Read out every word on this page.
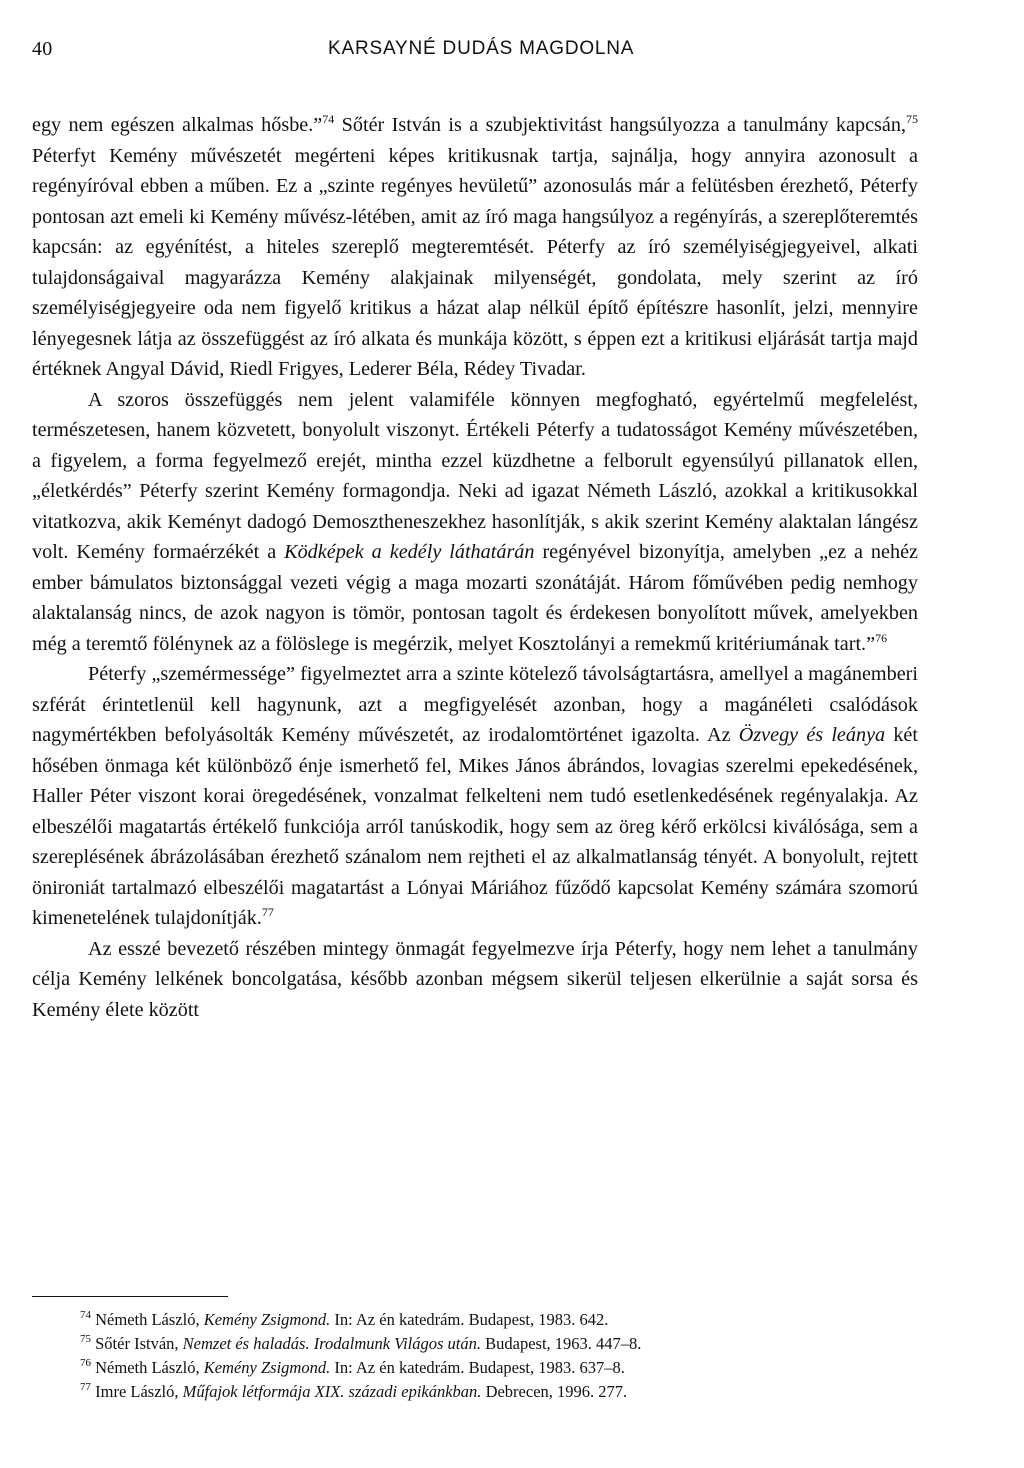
40	KARSAYNÉ DUDÁS MAGDOLNA

egy nem egészen alkalmas hősbe.”$^{74}$ Sőtér István is a szubjektivitást hangsúlyozza a tanulmány kapcsán,$^{75}$ Péterfyt Kemény művészetét megérteni képes kritikusnak tartja, sajnálja, hogy annyira azonosult a regényíróval ebben a műben. Ez a „szinte regényes hevületű” azonosulás már a felütésben érezhető, Péterfy pontosan azt emeli ki Kemény művész-létében, amit az író maga hangsúlyoz a regényírás, a szereplőteremtés kapcsán: az egyénítést, a hiteles szereplő megteremtését. Péterfy az író személyiségjegyeivel, alkati tulajdonságaival magyarázza Kemény alakjainak milyenségét, gondolata, mely szerint az író személyiségjegyeire oda nem figyelő kritikus a házat alap nélkül építő építészre hasonlít, jelzi, mennyire lényegesnek látja az összefüggést az író alkata és munkája között, s éppen ezt a kritikusi eljárását tartja majd értéknek Angyal Dávid, Riedl Frigyes, Lederer Béla, Rédey Tivadar.

A szoros összefüggés nem jelent valamiféle könnyen megfogható, egyértelmű megfelelést, természetesen, hanem közvetett, bonyolult viszonyt. Értékeli Péterfy a tudatosságot Kemény művészetében, a figyelem, a forma fegyelmező erejét, mintha ezzel küzdhetne a felborult egyensúlyú pillanatok ellen, „életkérdés” Péterfy szerint Kemény formagondja. Neki ad igazat Németh László, azokkal a kritikusokkal vitatkozva, akik Keményt dadogó Demosztheneszekhez hasonlítják, s akik szerint Kemény alaktalan lángész volt. Kemény formaérzékét a Ködképek a kedély láthatárán regényével bizonyítja, amelyben „ez a nehéz ember bámulatos biztonsággal vezeti végig a maga mozarti szonátáját. Három főművében pedig nemhogy alaktalanság nincs, de azok nagyon is tömör, pontosan tagolt és érdekesen bonyolított művek, amelyekben még a teremtő fölénynek az a fölöslege is megérzik, melyet Kosztolányi a remekmű kritériumának tart.”$^{76}$

Péterfy „szemérmessége” figyelmeztet arra a szinte kötelező távolságtartásra, amellyel a magánemberi szférát érintetlenül kell hagynunk, azt a megfigyelését azonban, hogy a magánéleti csalódások nagymértékben befolyásolták Kemény művészetét, az irodalomtörténet igazolta. Az Özvegy és leánya két hősében önmaga két különböző énje ismerhető fel, Mikes János ábrándos, lovagias szerelmi epekedésének, Haller Péter viszont korai öregedésének, vonzalmat felkelteni nem tudó esetlenkedésének regényalakja. Az elbeszélői magatartás értékelő funkciója arról tanúskodik, hogy sem az öreg kérő erkölcsi kiválósága, sem a szereplésének ábrázolásában érezhető szánalom nem rejtheti el az alkalmatlanság tényét. A bonyolult, rejtett önironiát tartalmazó elbeszélői magatartást a Lónyai Máriához fűződő kapcsolat Kemény számára szomorú kimenetelének tulajdonítják.$^{77}$

Az esszé bevezető részében mintegy önmagát fegyelmezve írja Péterfy, hogy nem lehet a tanulmány célja Kemény lelkének boncolgatása, később azonban mégsem sikerül teljesen elkerülnie a saját sorsa és Kemény élete között

$^{74}$ Németh László, Kemény Zsigmond. In: Az én katedrám. Budapest, 1983. 642.
$^{75}$ Sőtér István, Nemzet és haladás. Irodalmunk Világos után. Budapest, 1963. 447–8.
$^{76}$ Németh László, Kemény Zsigmond. In: Az én katedrám. Budapest, 1983. 637–8.
$^{77}$ Imre László, Műfajok létformája XIX. századi epikánkban. Debrecen, 1996. 277.
